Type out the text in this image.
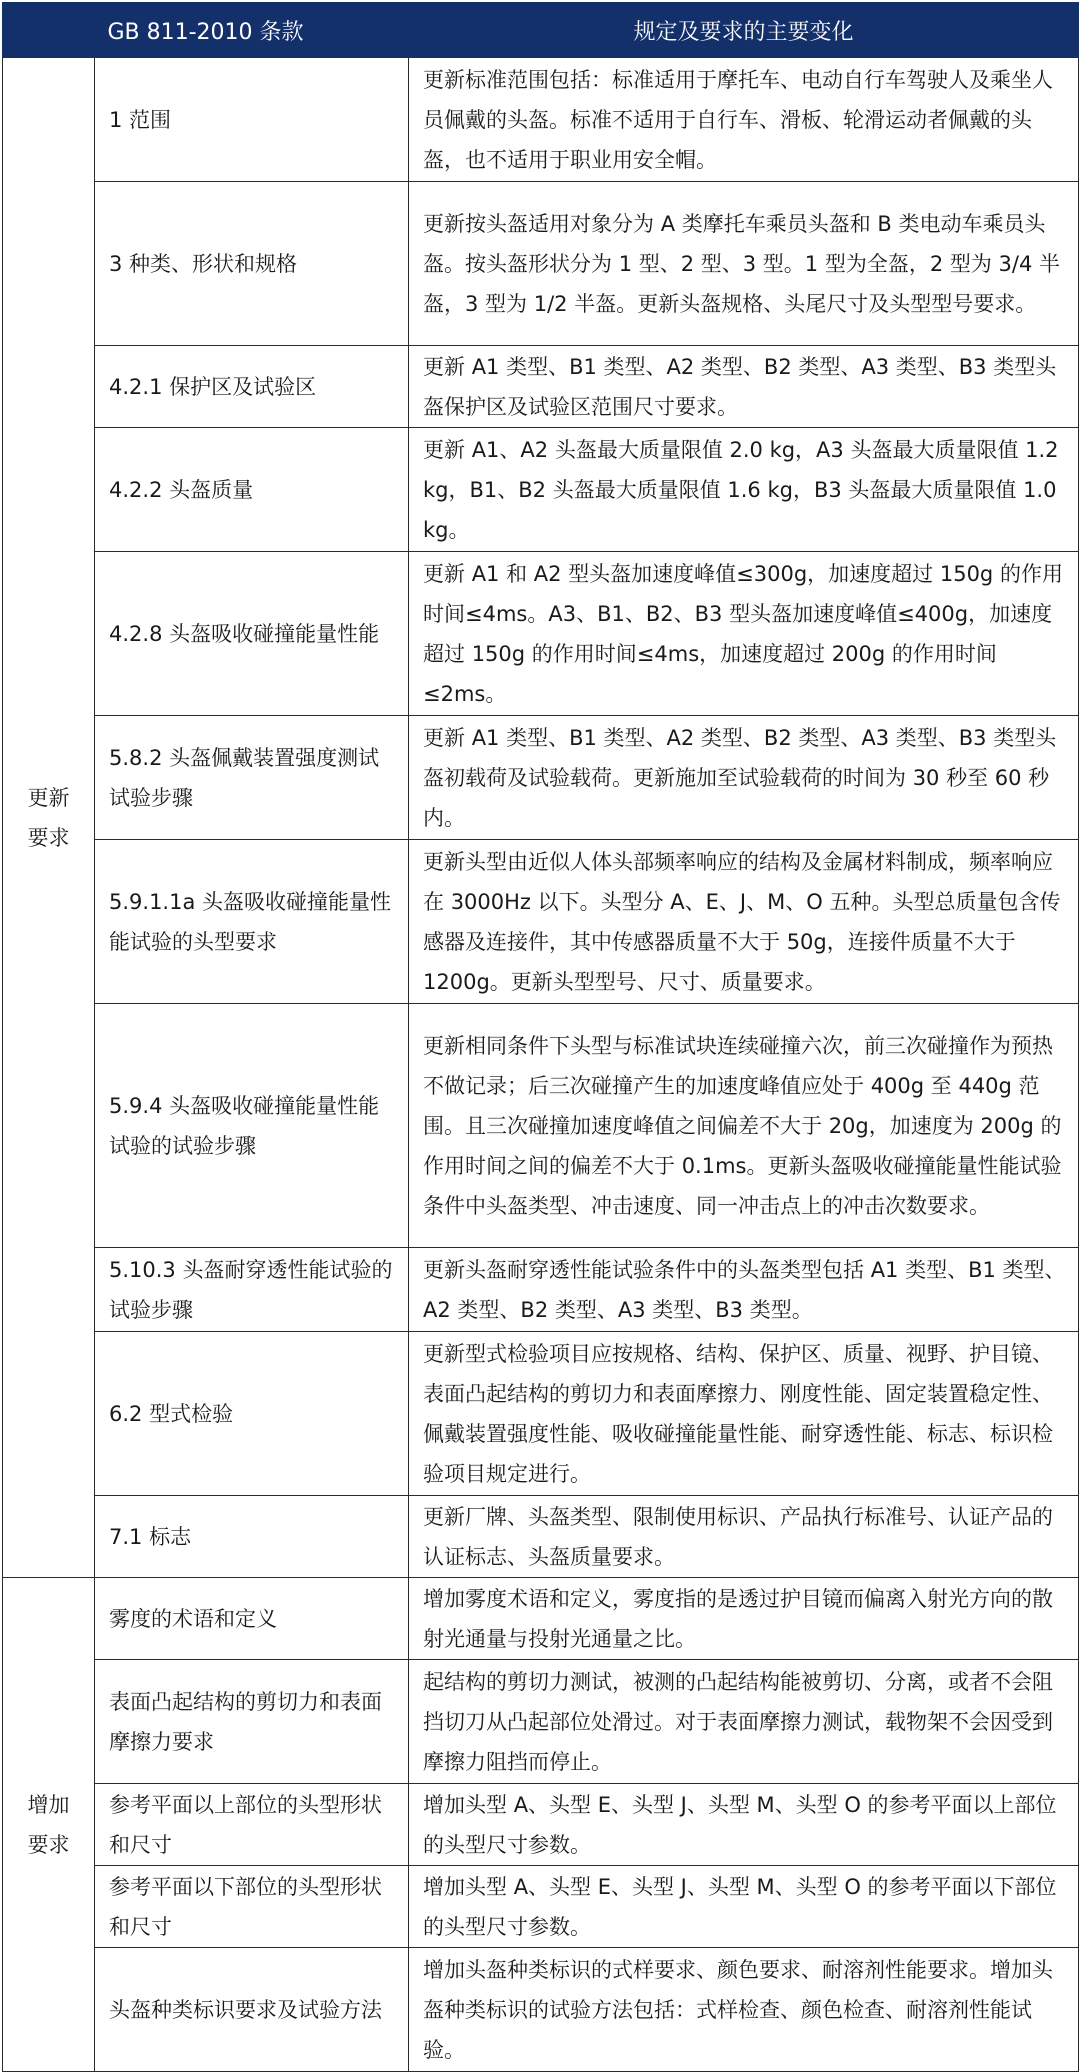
GB 811-2010 条款		规定及要求的主要变化
更新要求	1 范围	更新标准范围包括：标准适用于摩托车、电动自行车驾驶人及乘坐人员佩戴的头盔。标准不适用于自行车、滑板、轮滑运动者佩戴的头盔，也不适用于职业用安全帽。
	3 种类、形状和规格	更新按头盔适用对象分为 A 类摩托车乘员头盔和 B 类电动车乘员头盔。按头盔形状分为 1 型、2 型、3 型。1 型为全盔，2 型为 3/4 半盔，3 型为 1/2 半盔。更新头盔规格、头尾尺寸及头型型号要求。
	4.2.1 保护区及试验区	更新 A1 类型、B1 类型、A2 类型、B2 类型、A3 类型、B3 类型头盔保护区及试验区范围尺寸要求。
	4.2.2 头盔质量	更新 A1、A2 头盔最大质量限值 2.0 kg，A3 头盔最大质量限值 1.2 kg，B1、B2 头盔最大质量限值 1.6 kg，B3 头盔最大质量限值 1.0 kg。
	4.2.8 头盔吸收碰撞能量性能	更新 A1 和 A2 型头盔加速度峰值≤300g，加速度超过 150g 的作用时间≤4ms。A3、B1、B2、B3 型头盔加速度峰值≤400g，加速度超过 150g 的作用时间≤4ms，加速度超过 200g 的作用时间≤2ms。
	5.8.2 头盔佩戴装置强度测试试验步骤	更新 A1 类型、B1 类型、A2 类型、B2 类型、A3 类型、B3 类型头盔初载荷及试验载荷。更新施加至试验载荷的时间为 30 秒至 60 秒内。
	5.9.1.1a 头盔吸收碰撞能量性能试验的头型要求	更新头型由近似人体头部频率响应的结构及金属材料制成，频率响应在 3000Hz 以下。头型分 A、E、J、M、O 五种。头型总质量包含传感器及连接件，其中传感器质量不大于 50g，连接件质量不大于 1200g。更新头型型号、尺寸、质量要求。
	5.9.4 头盔吸收碰撞能量性能试验的试验步骤	更新相同条件下头型与标准试块连续碰撞六次，前三次碰撞作为预热不做记录；后三次碰撞产生的加速度峰值应处于 400g 至 440g 范围。且三次碰撞加速度峰值之间偏差不大于 20g，加速度为 200g 的作用时间之间的偏差不大于 0.1ms。更新头盔吸收碰撞能量性能试验条件中头盔类型、冲击速度、同一冲击点上的冲击次数要求。
	5.10.3 头盔耐穿透性能试验的试验步骤	更新头盔耐穿透性能试验条件中的头盔类型包括 A1 类型、B1 类型、A2 类型、B2 类型、A3 类型、B3 类型。
	6.2 型式检验	更新型式检验项目应按规格、结构、保护区、质量、视野、护目镜、表面凸起结构的剪切力和表面摩擦力、刚度性能、固定装置稳定性、佩戴装置强度性能、吸收碰撞能量性能、耐穿透性能、标志、标识检验项目规定进行。
	7.1 标志	更新厂牌、头盔类型、限制使用标识、产品执行标准号、认证产品的认证标志、头盔质量要求。
增加要求	雾度的术语和定义	增加雾度术语和定义，雾度指的是透过护目镜而偏离入射光方向的散射光通量与投射光通量之比。
	表面凸起结构的剪切力和表面摩擦力要求	起结构的剪切力测试，被测的凸起结构能被剪切、分离，或者不会阻挡切刀从凸起部位处滑过。对于表面摩擦力测试，载物架不会因受到摩擦力阻挡而停止。
	参考平面以上部位的头型形状和尺寸	增加头型 A、头型 E、头型 J、头型 M、头型 O 的参考平面以上部位的头型尺寸参数。
	参考平面以下部位的头型形状和尺寸	增加头型 A、头型 E、头型 J、头型 M、头型 O 的参考平面以下部位的头型尺寸参数。
	头盔种类标识要求及试验方法	增加头盔种类标识的式样要求、颜色要求、耐溶剂性能要求。增加头盔种类标识的试验方法包括：式样检查、颜色检查、耐溶剂性能试验。
